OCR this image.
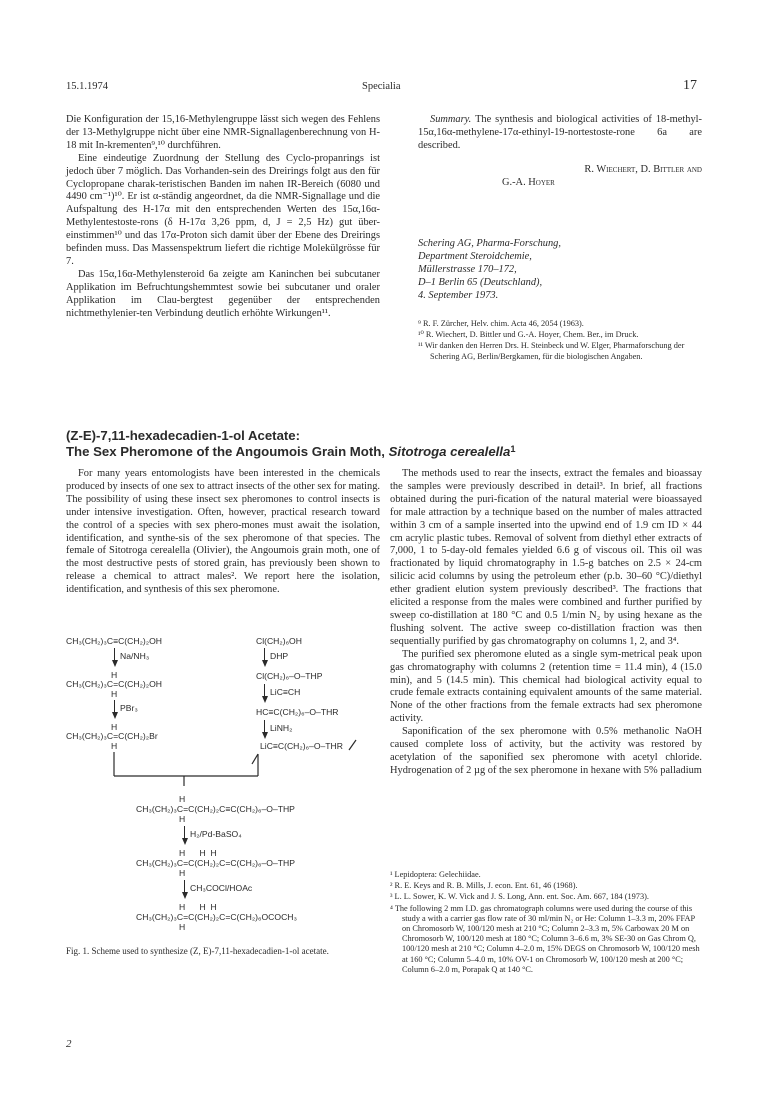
15.1.1974	Specialia	17

Die Konfiguration der 15,16-Methylengruppe lässt sich wegen des Fehlens der 13-Methylgruppe nicht über eine NMR-Signallagenberechnung von H-18 mit In-krementen⁹,¹⁰ durchführen.

Eine eindeutige Zuordnung der Stellung des Cyclo-propanrings ist jedoch über 7 möglich. Das Vorhanden-sein des Dreirings folgt aus den für Cyclopropane charak-teristischen Banden im nahen IR-Bereich (6080 und 4490 cm⁻¹)¹⁰. Er ist α-ständig angeordnet, da die NMR-Signallage und die Aufspaltung des H-17α mit den entsprechenden Werten des 15α,16α-Methylentestoste-rons (δ H-17α 3,26 ppm, d, J = 2,5 Hz) gut über-einstimmen¹⁰ und das 17α-Proton sich damit über der Ebene des Dreirings befinden muss. Das Massenspektrum liefert die richtige Molekülgrösse für 7.

Das 15α,16α-Methylensteroid 6a zeigte am Kaninchen bei subcutaner Applikation im Befruchtungshemmtest sowie bei subcutaner und oraler Applikation im Clau-bergtest gegenüber der entsprechenden nichtmethylenier-ten Verbindung deutlich erhöhte Wirkungen¹¹.

Summary. The synthesis and biological activities of 18-methyl-15α,16α-methylene-17α-ethinyl-19-nortestoste-rone 6a are described.

R. Wiechert, D. Bittler and
G.-A. Hoyer
Schering AG, Pharma-Forschung,
Department Steroidchemie,
Müllerstrasse 170–172,
D–1 Berlin 65 (Deutschland),
4. September 1973.

⁹ R. F. Zürcher, Helv. chim. Acta 46, 2054 (1963).

¹⁰ R. Wiechert, D. Bittler und G.-A. Hoyer, Chem. Ber., im Druck.

¹¹ Wir danken den Herren Drs. H. Steinbeck und W. Elger, Pharmaforschung der Schering AG, Berlin/Bergkamen, für die biologischen Angaben.

(Z-E)-7,11-hexadecadien-1-ol Acetate:
The Sex Pheromone of the Angoumois Grain Moth, Sitotroga cerealella$^1$

For many years entomologists have been interested in the chemicals produced by insects of one sex to attract insects of the other sex for mating. The possibility of using these insect sex pheromones to control insects is under intensive investigation. Often, however, practical research toward the control of a species with sex phero-mones must await the isolation, identification, and synthe-sis of the sex pheromone of that species. The female of Sitotroga cerealella (Olivier), the Angoumois grain moth, one of the most destructive pests of stored grain, has previously been shown to release a chemical to attract males². We report here the isolation, identification, and synthesis of this sex pheromone.

The methods used to rear the insects, extract the females and bioassay the samples were previously described in detail³. In brief, all fractions obtained during the puri-fication of the natural material were bioassayed for male attraction by a technique based on the number of males attracted within 3 cm of a sample inserted into the upwind end of 1.9 cm ID × 44 cm acrylic plastic tubes. Removal of solvent from diethyl ether extracts of 7,000, 1 to 5-day-old females yielded 6.6 g of viscous oil. This oil was fractionated by liquid chromatography in 1.5-g batches on 2.5 × 24-cm silicic acid columns by using the petroleum ether (p.b. 30–60 °C)/diethyl ether gradient elution system previously described³. The fractions that elicited a response from the males were combined and further purified by sweep co-distillation at 180 °C and 0.5 1/min N₂ by using hexane as the flushing solvent. The active sweep co-distillation fraction was then sequentially purified by gas chromatography on columns 1, 2, and 3⁴.

The purified sex pheromone eluted as a single sym-metrical peak upon gas chromatography with columns 2 (retention time = 11.4 min), 4 (15.0 min), and 5 (14.5 min). This chemical had biological activity equal to crude female extracts containing equivalent amounts of the same material. None of the other fractions from the female extracts had sex pheromone activity.

Saponification of the sex pheromone with 0.5% methanolic NaOH caused complete loss of activity, but the activity was restored by acetylation of the saponified sex pheromone with acetyl chloride. Hydrogenation of 2 µg of the sex pheromone in hexane with 5% palladium

CH₃(CH₂)₃C≡C(CH₂)₂OH
Na/NH₃
H
CH₃(CH₂)₃C=C(CH₂)₂OH
H
PBr₃
H
CH₃(CH₂)₃C=C(CH₂)₂Br
H
Cl(CH₂)₆OH
DHP
Cl(CH₂)₆–O–THP
LiC≡CH
HC≡C(CH₂)₆–O–THR
LiNH₂
LiC≡C(CH₂)₆–O–THR
H
CH₃(CH₂)₃C=C(CH₂)₂C≡C(CH₂)₆–O–THP
H
H₂/Pd-BaSO₄
H      H  H
CH₃(CH₂)₃C=C(CH₂)₂C=C(CH₂)₆–O–THP
H
CH₃COCl/HOAc
H      H  H
CH₃(CH₂)₃C=C(CH₂)₂C=C(CH₂)₆OCOCH₃
H
Fig. 1. Scheme used to synthesize (Z, E)-7,11-hexadecadien-1-ol acetate.

¹ Lepidoptera: Gelechiidae.

² R. E. Keys and R. B. Mills, J. econ. Ent. 61, 46 (1968).

³ L. L. Sower, K. W. Vick and J. S. Long, Ann. ent. Soc. Am. 667, 184 (1973).

⁴ The following 2 mm I.D. gas chromatograph columns were used during the course of this study a with a carrier gas flow rate of 30 ml/min N₂ or He: Column 1–3.3 m, 20% FFAP on Chromosorb W, 100/120 mesh at 210 °C; Column 2–3.3 m, 5% Carbowax 20 M on Chromosorb W, 100/120 mesh at 180 °C; Column 3–6.6 m, 3% SE-30 on Gas Chrom Q, 100/120 mesh at 210 °C; Column 4–2.0 m, 15% DEGS on Chromosorb W, 100/120 mesh at 160 °C; Column 5–4.0 m, 10% OV-1 on Chromosorb W, 100/120 mesh at 200 °C; Column 6–2.0 m, Porapak Q at 140 °C.

2
